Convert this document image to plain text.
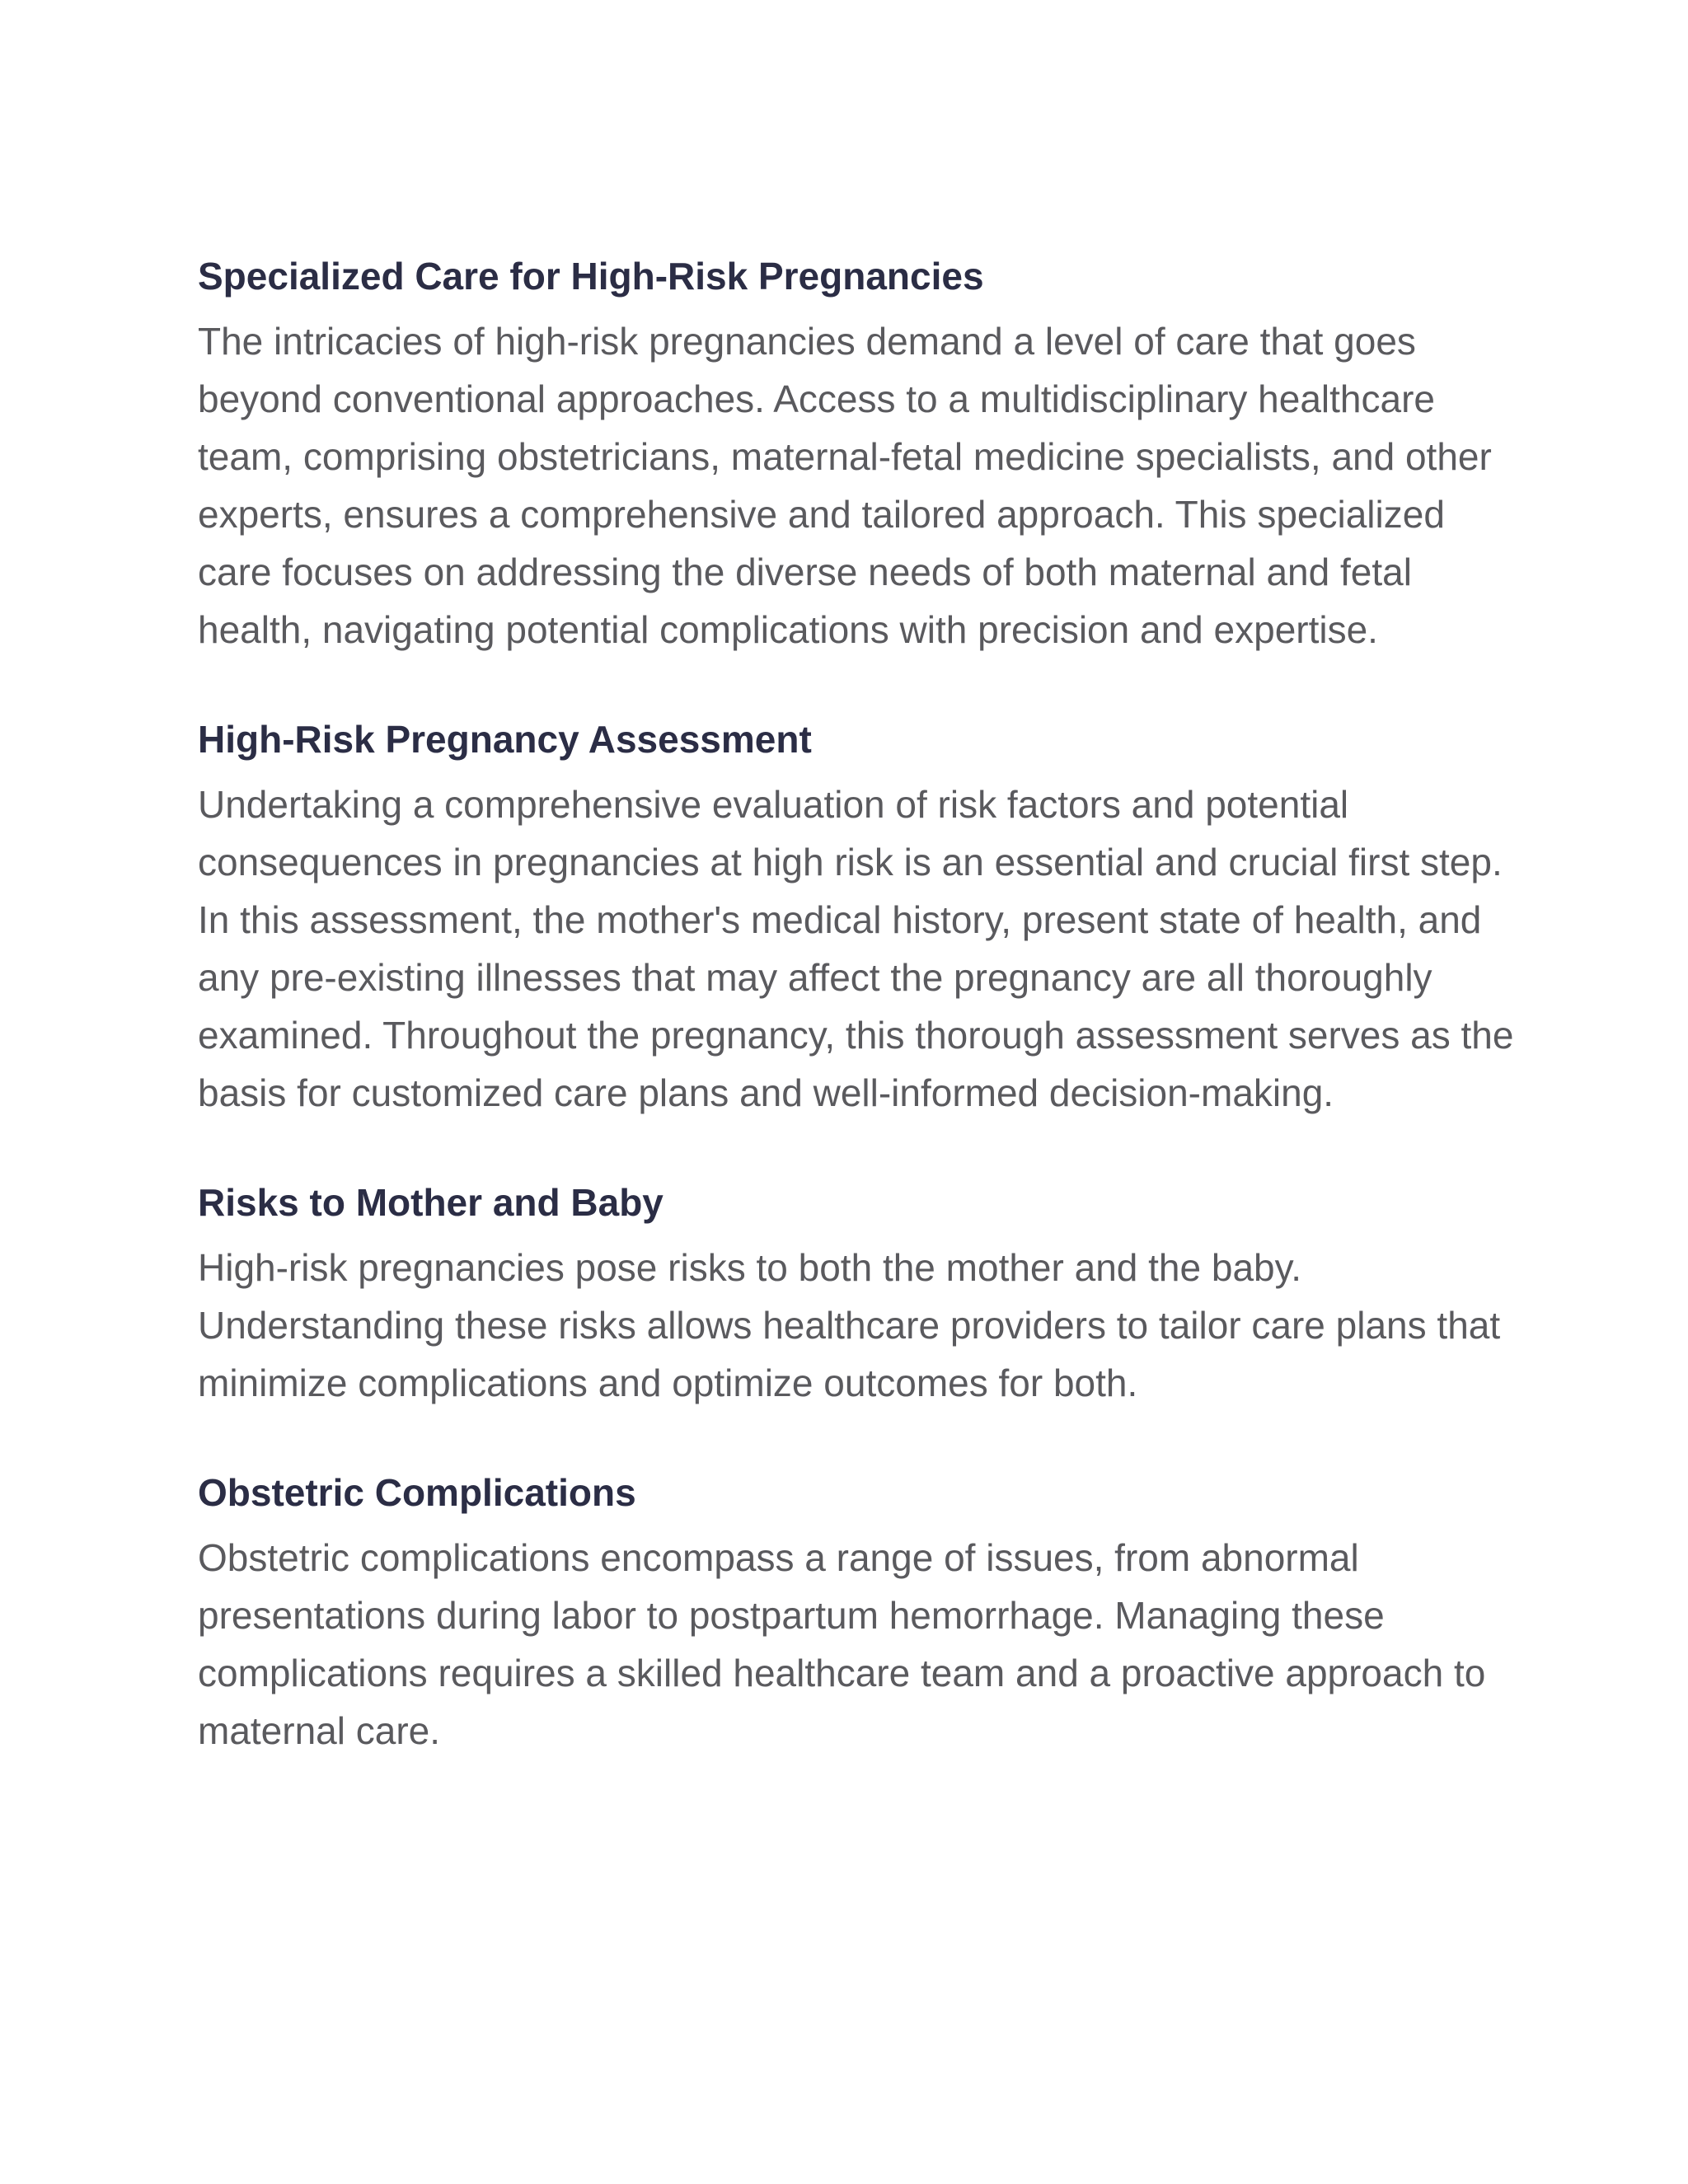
Specialized Care for High-Risk Pregnancies

The intricacies of high-risk pregnancies demand a level of care that goes beyond conventional approaches. Access to a multidisciplinary healthcare team, comprising obstetricians, maternal-fetal medicine specialists, and other experts, ensures a comprehensive and tailored approach. This specialized care focuses on addressing the diverse needs of both maternal and fetal health, navigating potential complications with precision and expertise.

High-Risk Pregnancy Assessment

Undertaking a comprehensive evaluation of risk factors and potential consequences in pregnancies at high risk is an essential and crucial first step. In this assessment, the mother's medical history, present state of health, and any pre-existing illnesses that may affect the pregnancy are all thoroughly examined. Throughout the pregnancy, this thorough assessment serves as the basis for customized care plans and well-informed decision-making.

Risks to Mother and Baby

High-risk pregnancies pose risks to both the mother and the baby. Understanding these risks allows healthcare providers to tailor care plans that minimize complications and optimize outcomes for both.

Obstetric Complications

Obstetric complications encompass a range of issues, from abnormal presentations during labor to postpartum hemorrhage. Managing these complications requires a skilled healthcare team and a proactive approach to maternal care.
